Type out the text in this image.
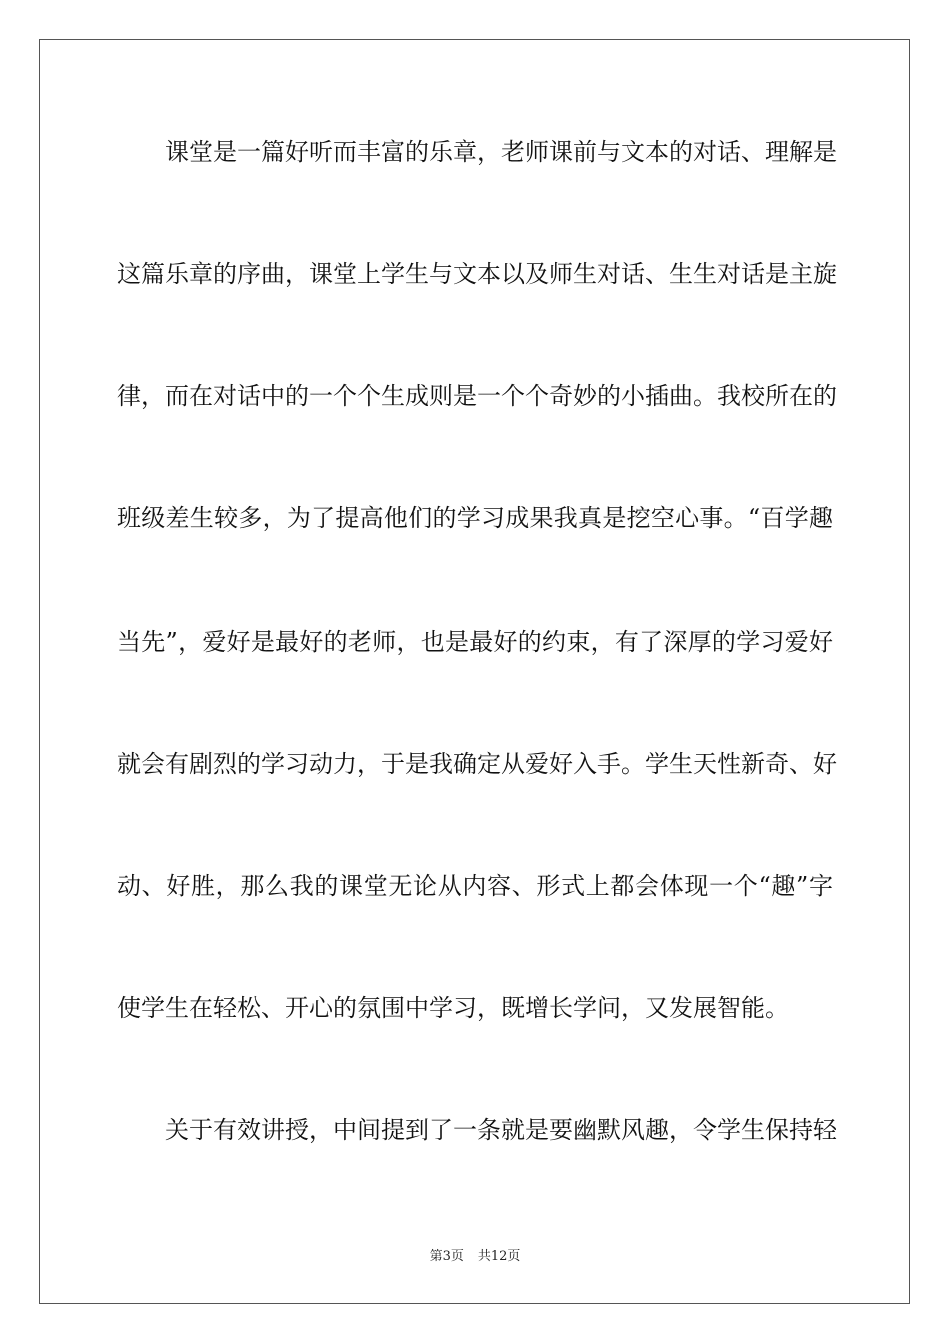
课堂是一篇好听而丰富的乐章，老师课前与文本的对话、理解是
这篇乐章的序曲，课堂上学生与文本以及师生对话、生生对话是主旋
律，而在对话中的一个个生成则是一个个奇妙的小插曲。我校所在的
班级差生较多，为了提高他们的学习成果我真是挖空心事。“百学趣
当先”，爱好是最好的老师，也是最好的约束，有了深厚的学习爱好
就会有剧烈的学习动力，于是我确定从爱好入手。学生天性新奇、好
动、好胜，那么我的课堂无论从内容、形式上都会体现一个“趣”字
使学生在轻松、开心的氛围中学习，既增长学问，又发展智能。
关于有效讲授，中间提到了一条就是要幽默风趣，令学生保持轻
第3页 共12页
